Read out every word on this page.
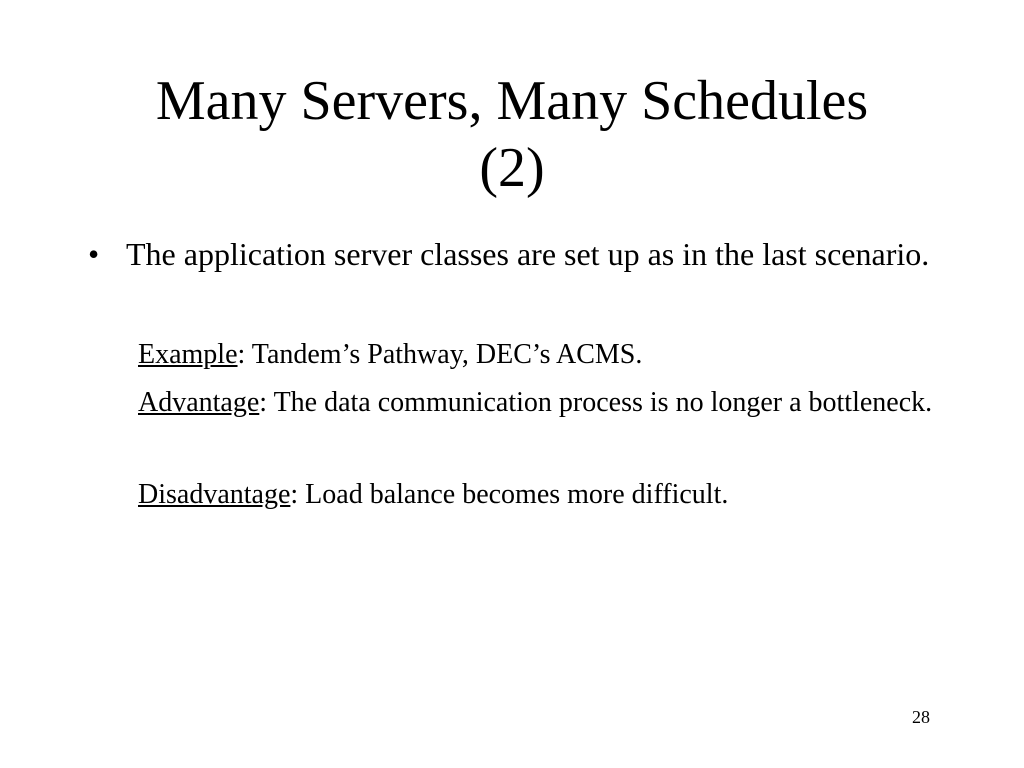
Many Servers, Many Schedules
(2)
• The application server classes are set up as in the last scenario.
Example: Tandem’s Pathway, DEC’s ACMS.
Advantage: The data communication process is no longer a bottleneck.
Disadvantage: Load balance becomes more difficult.
28
